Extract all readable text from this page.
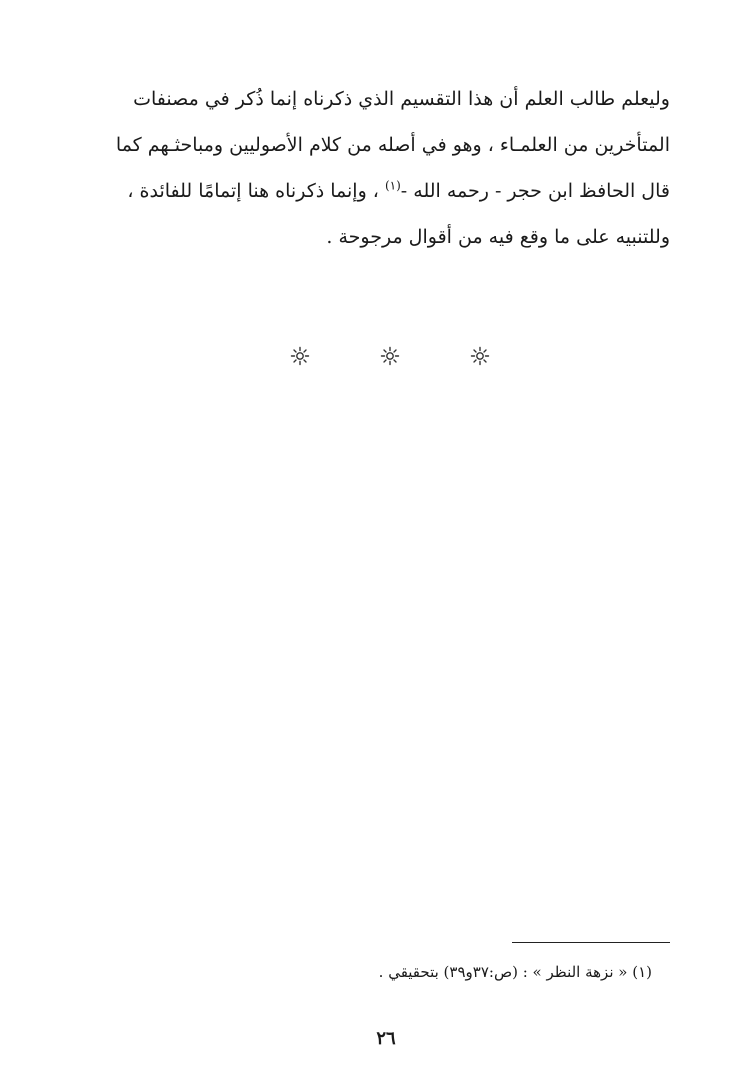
وليعلم طالب العلم أن هذا التقسيم الذي ذكرناه إنما ذُكر في مصنفات
المتأخرين من العلمـاء ، وهو في أصله من كلام الأصوليين ومباحثـهم كما
قال الحافظ ابن حجر - رحمه الله -$^{(١)}$ ، وإنما ذكرناه هنا إتمامًا للفائدة ،
وللتنبيه على ما وقع فيه من أقوال مرجوحة .
(١) « نزهة النظر » : (ص:٣٧و٣٩) بتحقيقي .
٢٦
